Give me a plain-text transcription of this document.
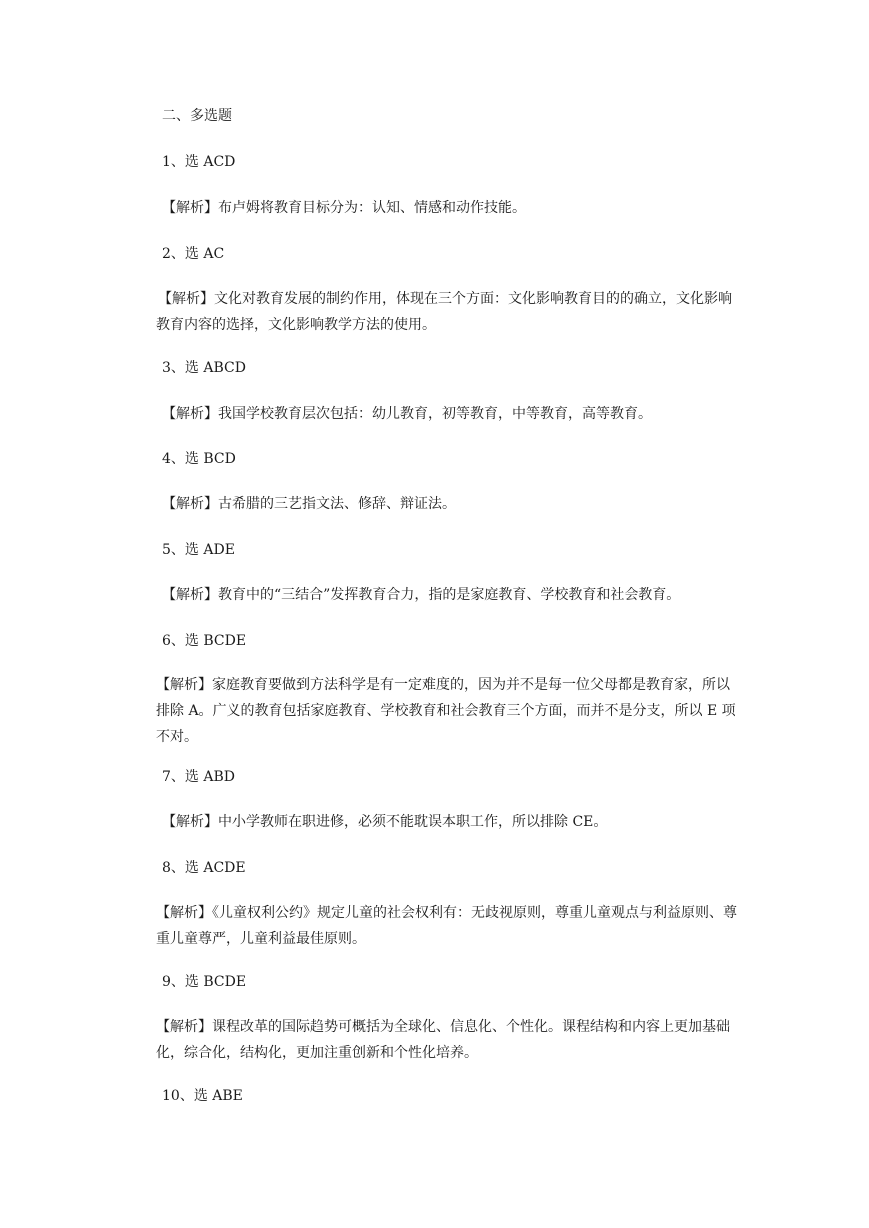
二、多选题
1、选 ACD
【解析】布卢姆将教育目标分为：认知、情感和动作技能。
2、选 AC
【解析】文化对教育发展的制约作用，体现在三个方面：文化影响教育目的的确立，文化影响教育内容的选择，文化影响教学方法的使用。
3、选 ABCD
【解析】我国学校教育层次包括：幼儿教育，初等教育，中等教育，高等教育。
4、选 BCD
【解析】古希腊的三艺指文法、修辞、辩证法。
5、选 ADE
【解析】教育中的“三结合”发挥教育合力，指的是家庭教育、学校教育和社会教育。
6、选 BCDE
【解析】家庭教育要做到方法科学是有一定难度的，因为并不是每一位父母都是教育家，所以排除 A。广义的教育包括家庭教育、学校教育和社会教育三个方面，而并不是分支，所以 E 项不对。
7、选 ABD
【解析】中小学教师在职进修，必须不能耽误本职工作，所以排除 CE。
8、选 ACDE
【解析】《儿童权利公约》规定儿童的社会权利有：无歧视原则，尊重儿童观点与利益原则、尊重儿童尊严，儿童利益最佳原则。
9、选 BCDE
【解析】课程改革的国际趋势可概括为全球化、信息化、个性化。课程结构和内容上更加基础化，综合化，结构化，更加注重创新和个性化培养。
10、选 ABE
